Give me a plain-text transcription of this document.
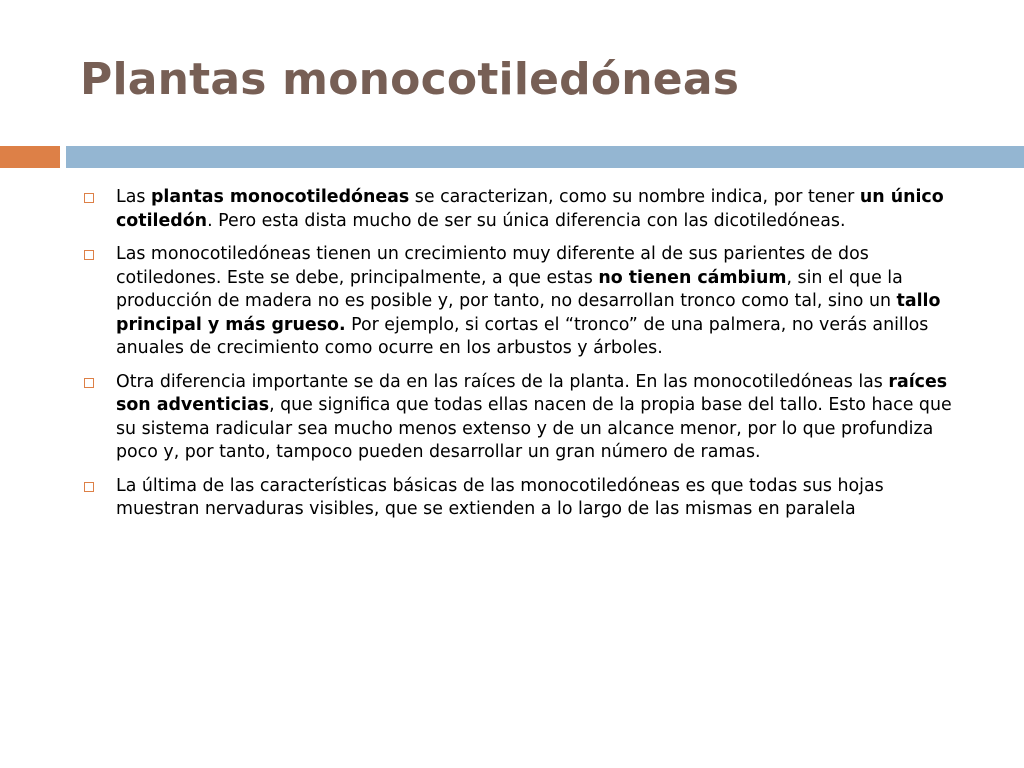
Plantas monocotiledóneas
Las plantas monocotiledóneas se caracterizan, como su nombre indica, por tener un único cotiledón. Pero esta dista mucho de ser su única diferencia con las dicotiledóneas.
Las monocotiledóneas tienen un crecimiento muy diferente al de sus parientes de dos cotiledones. Este se debe, principalmente, a que estas no tienen cámbium, sin el que la producción de madera no es posible y, por tanto, no desarrollan tronco como tal, sino un tallo principal y más grueso. Por ejemplo, si cortas el “tronco” de una palmera, no verás anillos anuales de crecimiento como ocurre en los arbustos y árboles.
Otra diferencia importante se da en las raíces de la planta. En las monocotiledóneas las raíces son adventicias, que significa que todas ellas nacen de la propia base del tallo. Esto hace que su sistema radicular sea mucho menos extenso y de un alcance menor, por lo que profundiza poco y, por tanto, tampoco pueden desarrollar un gran número de ramas.
La última de las características básicas de las monocotiledóneas es que todas sus hojas muestran nervaduras visibles, que se extienden a lo largo de las mismas en paralela
